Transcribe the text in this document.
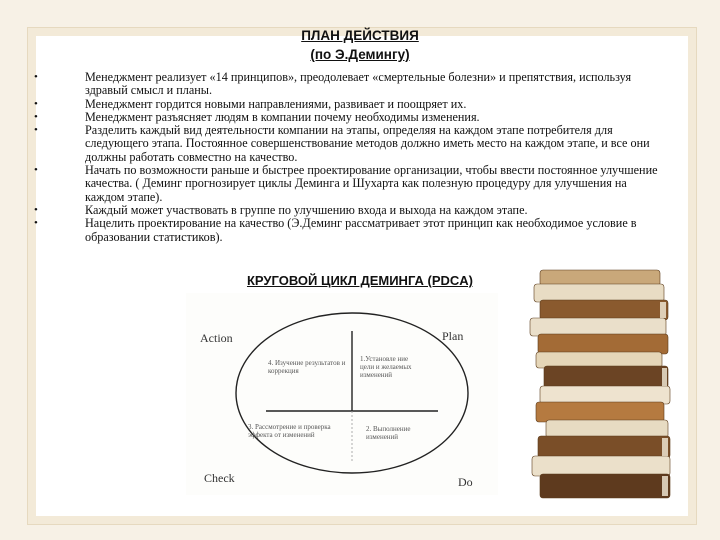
ПЛАН ДЕЙСТВИЯ
(по Э.Демингу)
•	Менеджмент реализует «14 принципов», преодолевает «смертельные болезни» и препятствия, используя здравый смысл и планы.
•	Менеджмент гордится новыми направлениями, развивает и поощряет их.
•	Менеджмент разъясняет людям в компании почему необходимы изменения.
•	Разделить каждый вид деятельности компании на этапы, определяя на каждом этапе потребителя для следующего этапа. Постоянное совершенствование методов должно иметь место на каждом этапе, и все они должны работать совместно на качество.
•	Начать по возможности раньше и быстрее проектирование организации, чтобы ввести постоянное улучшение качества. ( Деминг прогнозирует циклы Деминга и Шухарта как полезную процедуру для улучшения на каждом этапе).
•	Каждый может участвовать в группе по улучшению входа и выхода на каждом этапе.
•	Нацелить проектирование на качество (Э.Деминг рассматривает этот принцип как необходимое условие в образовании статистиков).
КРУГОВОЙ ЦИКЛ ДЕМИНГА (PDCA)
Action	Plan
Check	Do
4. Изучение результатов и коррекция
1.Установле ние цели и желаемых изменений
3. Рассмотрение и проверка эффекта от изменений
2. Выполнение изменений
